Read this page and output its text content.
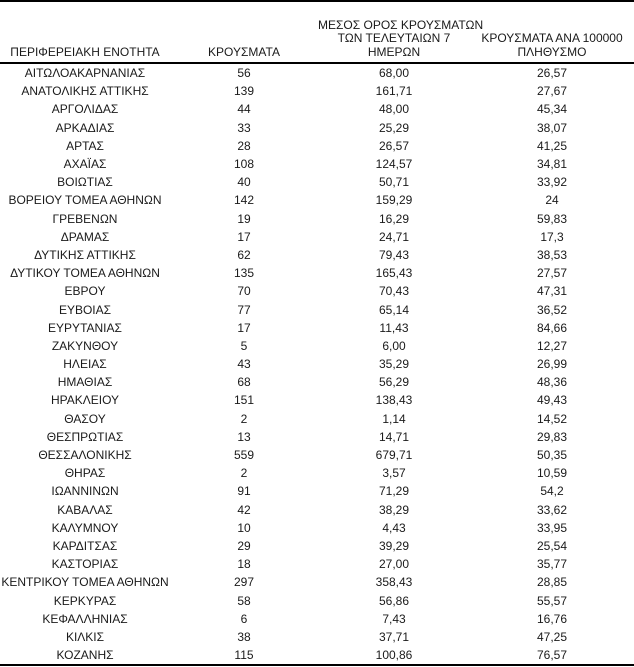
ΠΕΡΙΦΕΡΕΙΑΚΗ ΕΝΟΤΗΤΑ	ΚΡΟΥΣΜΑΤΑ	ΜΕΣΟΣ ΟΡΟΣ ΚΡΟΥΣΜΑΤΩΝ
ΤΩΝ ΤΕΛΕΥΤΑΙΩΝ 7
ΗΜΕΡΩΝ	ΚΡΟΥΣΜΑΤΑ ΑΝΑ 100000
ΠΛΗΘΥΣΜΟ

ΑΙΤΩΛΟΑΚΑΡΝΑΝΙΑΣ	56	68,00	26,57
ΑΝΑΤΟΛΙΚΗΣ ΑΤΤΙΚΗΣ	139	161,71	27,67
ΑΡΓΟΛΙΔΑΣ	44	48,00	45,34
ΑΡΚΑΔΙΑΣ	33	25,29	38,07
ΑΡΤΑΣ	28	26,57	41,25
ΑΧΑΪΑΣ	108	124,57	34,81
ΒΟΙΩΤΙΑΣ	40	50,71	33,92
ΒΟΡΕΙΟΥ ΤΟΜΕΑ ΑΘΗΝΩΝ	142	159,29	24
ΓΡΕΒΕΝΩΝ	19	16,29	59,83
ΔΡΑΜΑΣ	17	24,71	17,3
ΔΥΤΙΚΗΣ ΑΤΤΙΚΗΣ	62	79,43	38,53
ΔΥΤΙΚΟΥ ΤΟΜΕΑ ΑΘΗΝΩΝ	135	165,43	27,57
ΕΒΡΟΥ	70	70,43	47,31
ΕΥΒΟΙΑΣ	77	65,14	36,52
ΕΥΡΥΤΑΝΙΑΣ	17	11,43	84,66
ΖΑΚΥΝΘΟΥ	5	6,00	12,27
ΗΛΕΙΑΣ	43	35,29	26,99
ΗΜΑΘΙΑΣ	68	56,29	48,36
ΗΡΑΚΛΕΙΟΥ	151	138,43	49,43
ΘΑΣΟΥ	2	1,14	14,52
ΘΕΣΠΡΩΤΙΑΣ	13	14,71	29,83
ΘΕΣΣΑΛΟΝΙΚΗΣ	559	679,71	50,35
ΘΗΡΑΣ	2	3,57	10,59
ΙΩΑΝΝΙΝΩΝ	91	71,29	54,2
ΚΑΒΑΛΑΣ	42	38,29	33,62
ΚΑΛΥΜΝΟΥ	10	4,43	33,95
ΚΑΡΔΙΤΣΑΣ	29	39,29	25,54
ΚΑΣΤΟΡΙΑΣ	18	27,00	35,77
ΚΕΝΤΡΙΚΟΥ ΤΟΜΕΑ ΑΘΗΝΩΝ	297	358,43	28,85
ΚΕΡΚΥΡΑΣ	58	56,86	55,57
ΚΕΦΑΛΛΗΝΙΑΣ	6	7,43	16,76
ΚΙΛΚΙΣ	38	37,71	47,25
ΚΟΖΑΝΗΣ	115	100,86	76,57
